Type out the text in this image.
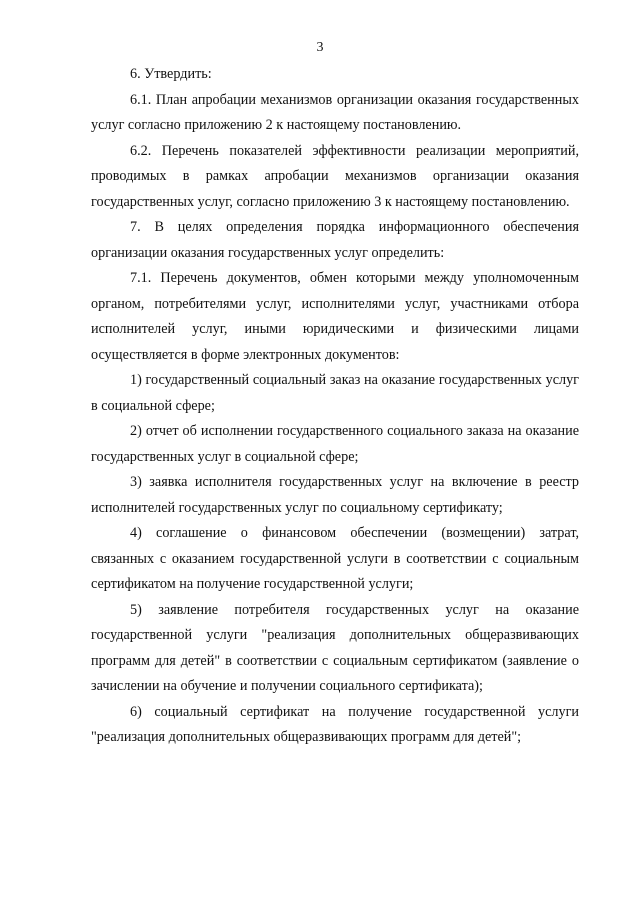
3

6. Утвердить:

6.1. План апробации механизмов организации оказания государственных услуг согласно приложению 2 к настоящему постановлению.

6.2. Перечень показателей эффективности реализации мероприятий, проводимых в рамках апробации механизмов организации оказания государственных услуг, согласно приложению 3 к настоящему постановлению.

7. В целях определения порядка информационного обеспечения организации оказания государственных услуг определить:

7.1. Перечень документов, обмен которыми между уполномоченным органом, потребителями услуг, исполнителями услуг, участниками отбора исполнителей услуг, иными юридическими и физическими лицами осуществляется в форме электронных документов:

1) государственный социальный заказ на оказание государственных услуг в социальной сфере;

2) отчет об исполнении государственного социального заказа на оказание государственных услуг в социальной сфере;

3) заявка исполнителя государственных услуг на включение в реестр исполнителей государственных услуг по социальному сертификату;

4) соглашение о финансовом обеспечении (возмещении) затрат, связанных с оказанием государственной услуги в соответствии с социальным сертификатом на получение государственной услуги;

5) заявление потребителя государственных услуг на оказание государственной услуги "реализация дополнительных общеразвивающих программ для детей" в соответствии с социальным сертификатом (заявление о зачислении на обучение и получении социального сертификата);

6) социальный сертификат на получение государственной услуги "реализация дополнительных общеразвивающих программ для детей";
